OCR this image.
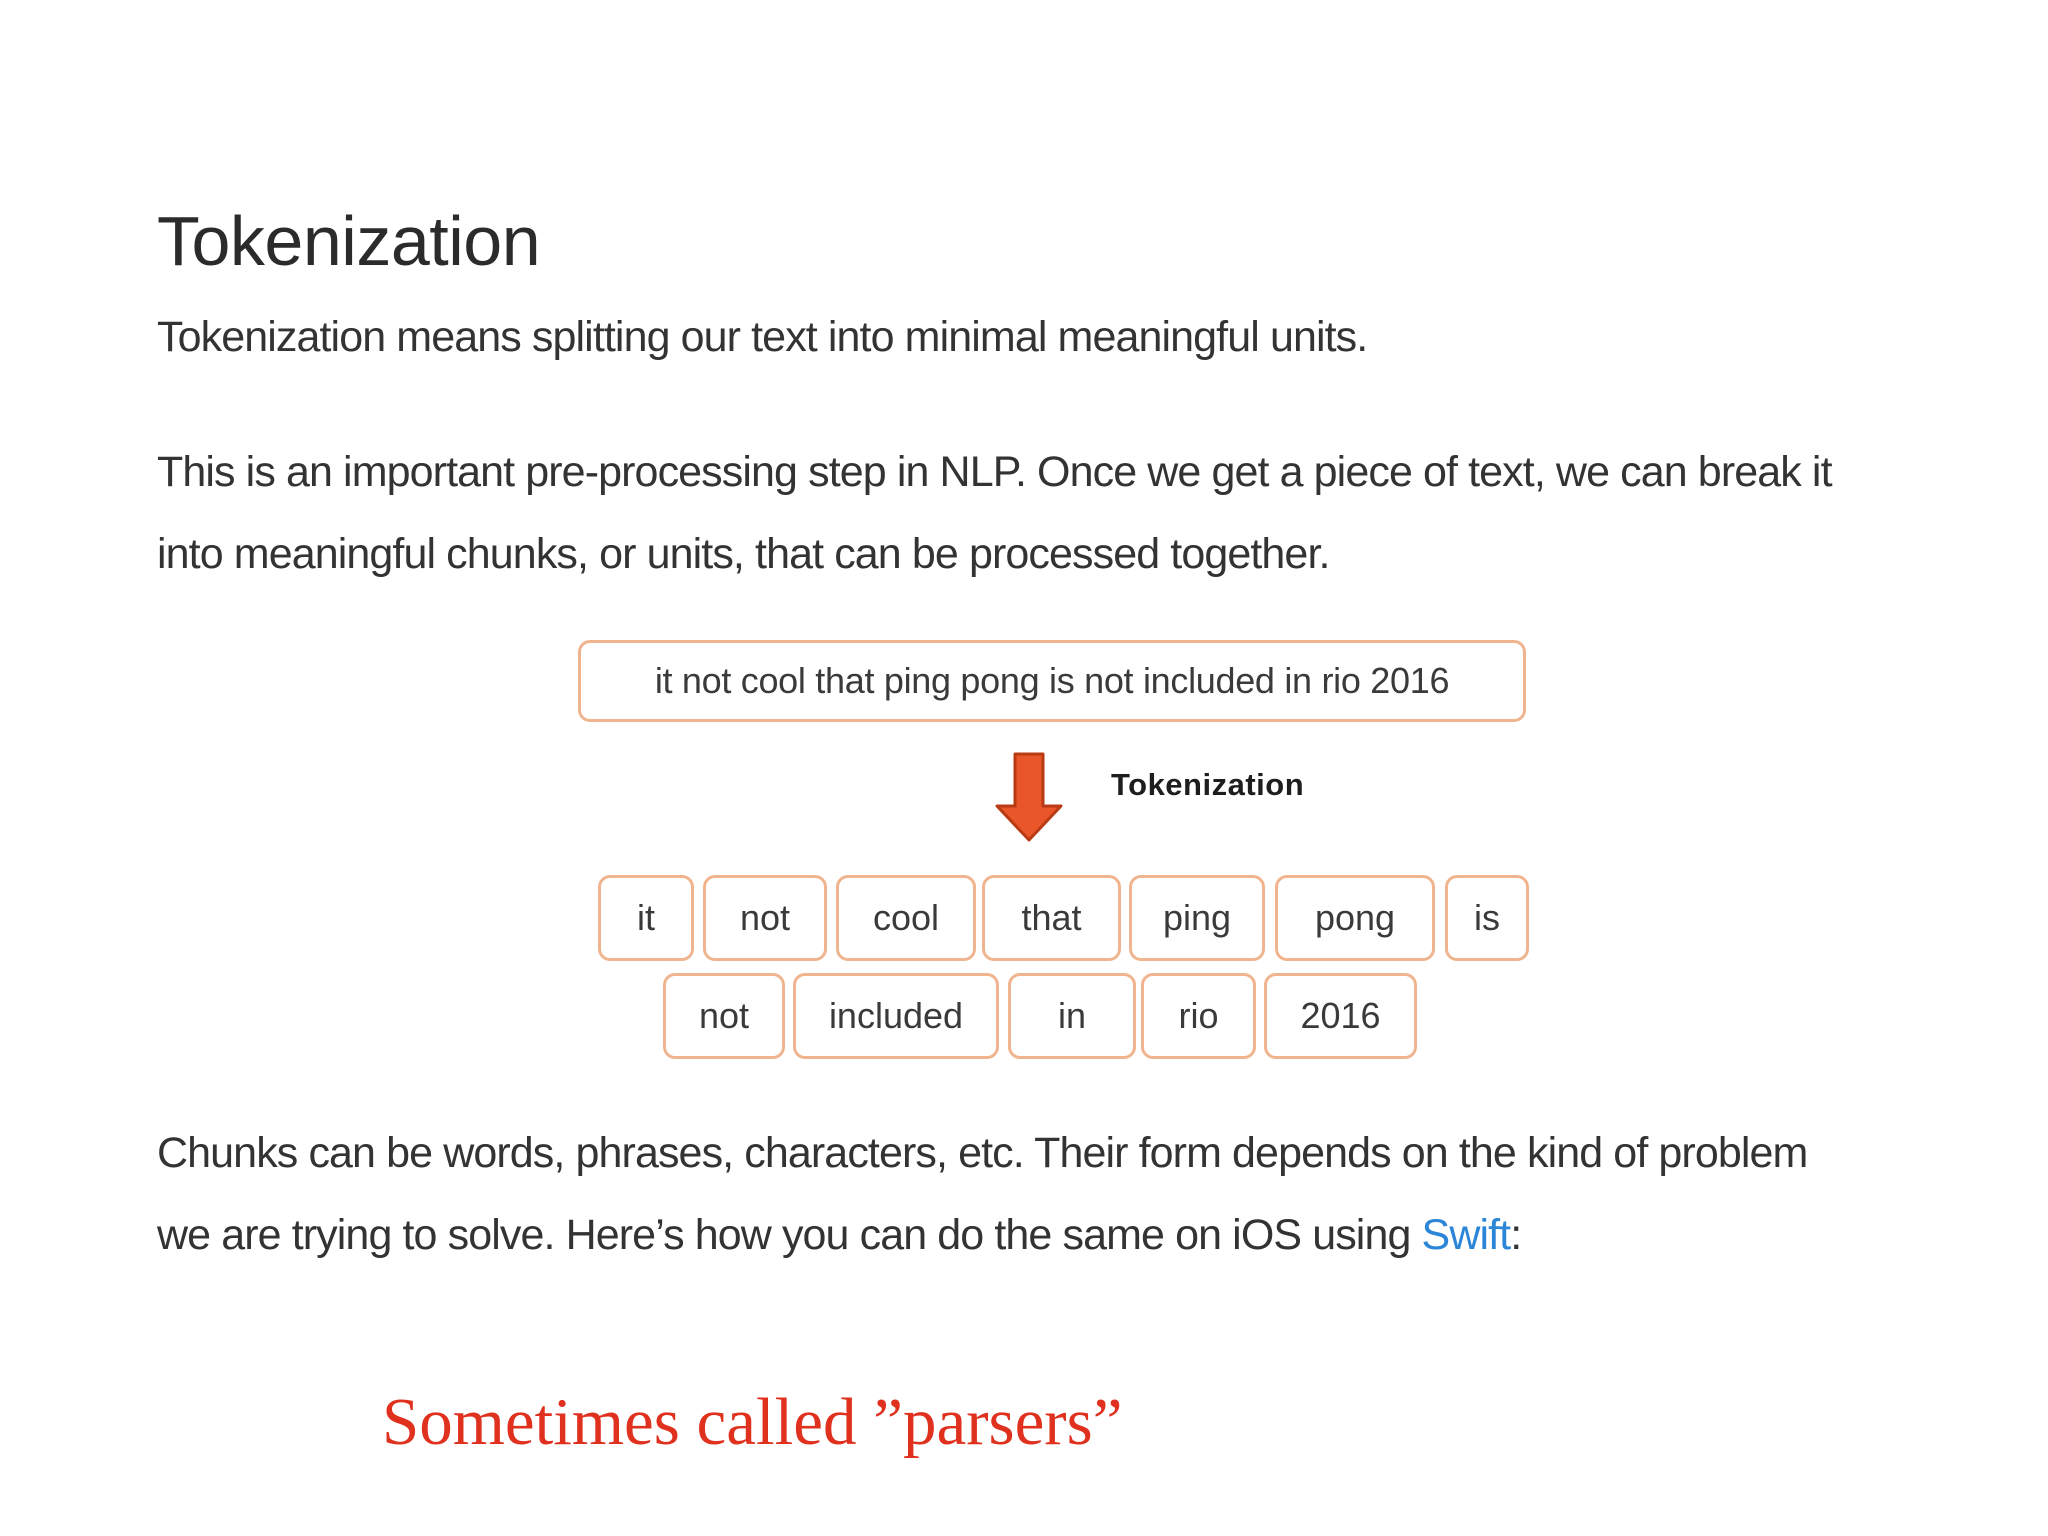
Tokenization

Tokenization means splitting our text into minimal meaningful units.

This is an important pre-processing step in NLP. Once we get a piece of text, we can break it
into meaningful chunks, or units, that can be processed together.
it not cool that ping pong is not included in rio 2016
Tokenization
it	not	cool	that	ping	pong	is
not	included	in	rio	2016
Chunks can be words, phrases, characters, etc. Their form depends on the kind of problem
we are trying to solve. Here’s how you can do the same on iOS using Swift:

Sometimes called ”parsers”
